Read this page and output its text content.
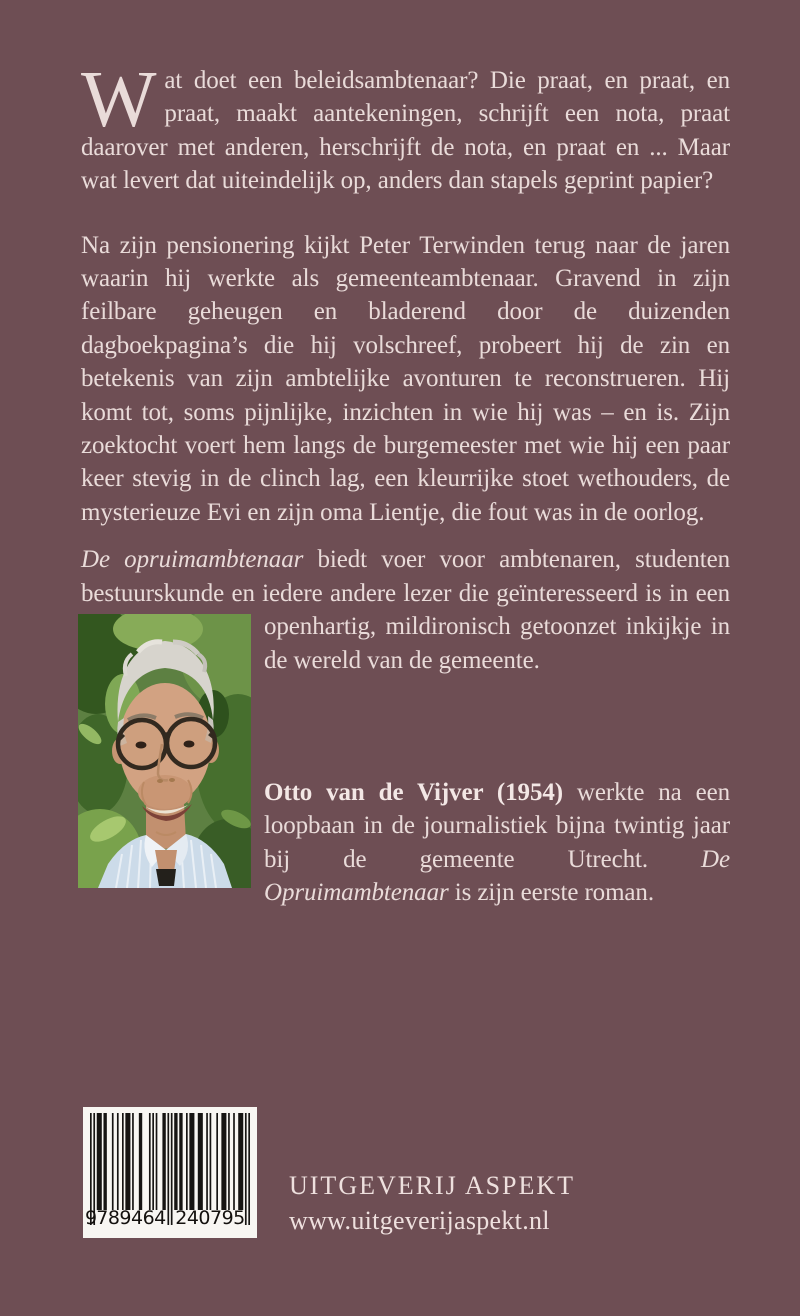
Wat doet een beleidsambtenaar? Die praat, en praat, en praat, maakt aantekeningen, schrijft een nota, praat daarover met anderen, herschrijft de nota, en praat en ... Maar wat levert dat uiteindelijk op, anders dan stapels geprint papier?

Na zijn pensionering kijkt Peter Terwinden terug naar de jaren waarin hij werkte als gemeenteambtenaar. Gravend in zijn feilbare geheugen en bladerend door de duizenden dagboekpagina’s die hij volschreef, probeert hij de zin en betekenis van zijn ambtelijke avonturen te reconstrueren. Hij komt tot, soms pijnlijke, inzichten in wie hij was – en is. Zijn zoektocht voert hem langs de burgemeester met wie hij een paar keer stevig in de clinch lag, een kleurrijke stoet wethouders, de mysterieuze Evi en zijn oma Lientje, die fout was in de oorlog.

De opruimambtenaar biedt voer voor ambtenaren, studenten bestuurskunde en iedere andere lezer die geïnteresseerd is
in een openhartig, mildironisch getoonzet inkijkje in de wereld van de gemeente.

Otto van de Vijver (1954) werkte na een loopbaan in de journalistiek bijna twintig jaar bij de gemeente Utrecht. De Opruimambtenaar is zijn eerste roman.

9 789464 240795
UITGEVERIJ ASPEKT
www.uitgeverijaspekt.nl
